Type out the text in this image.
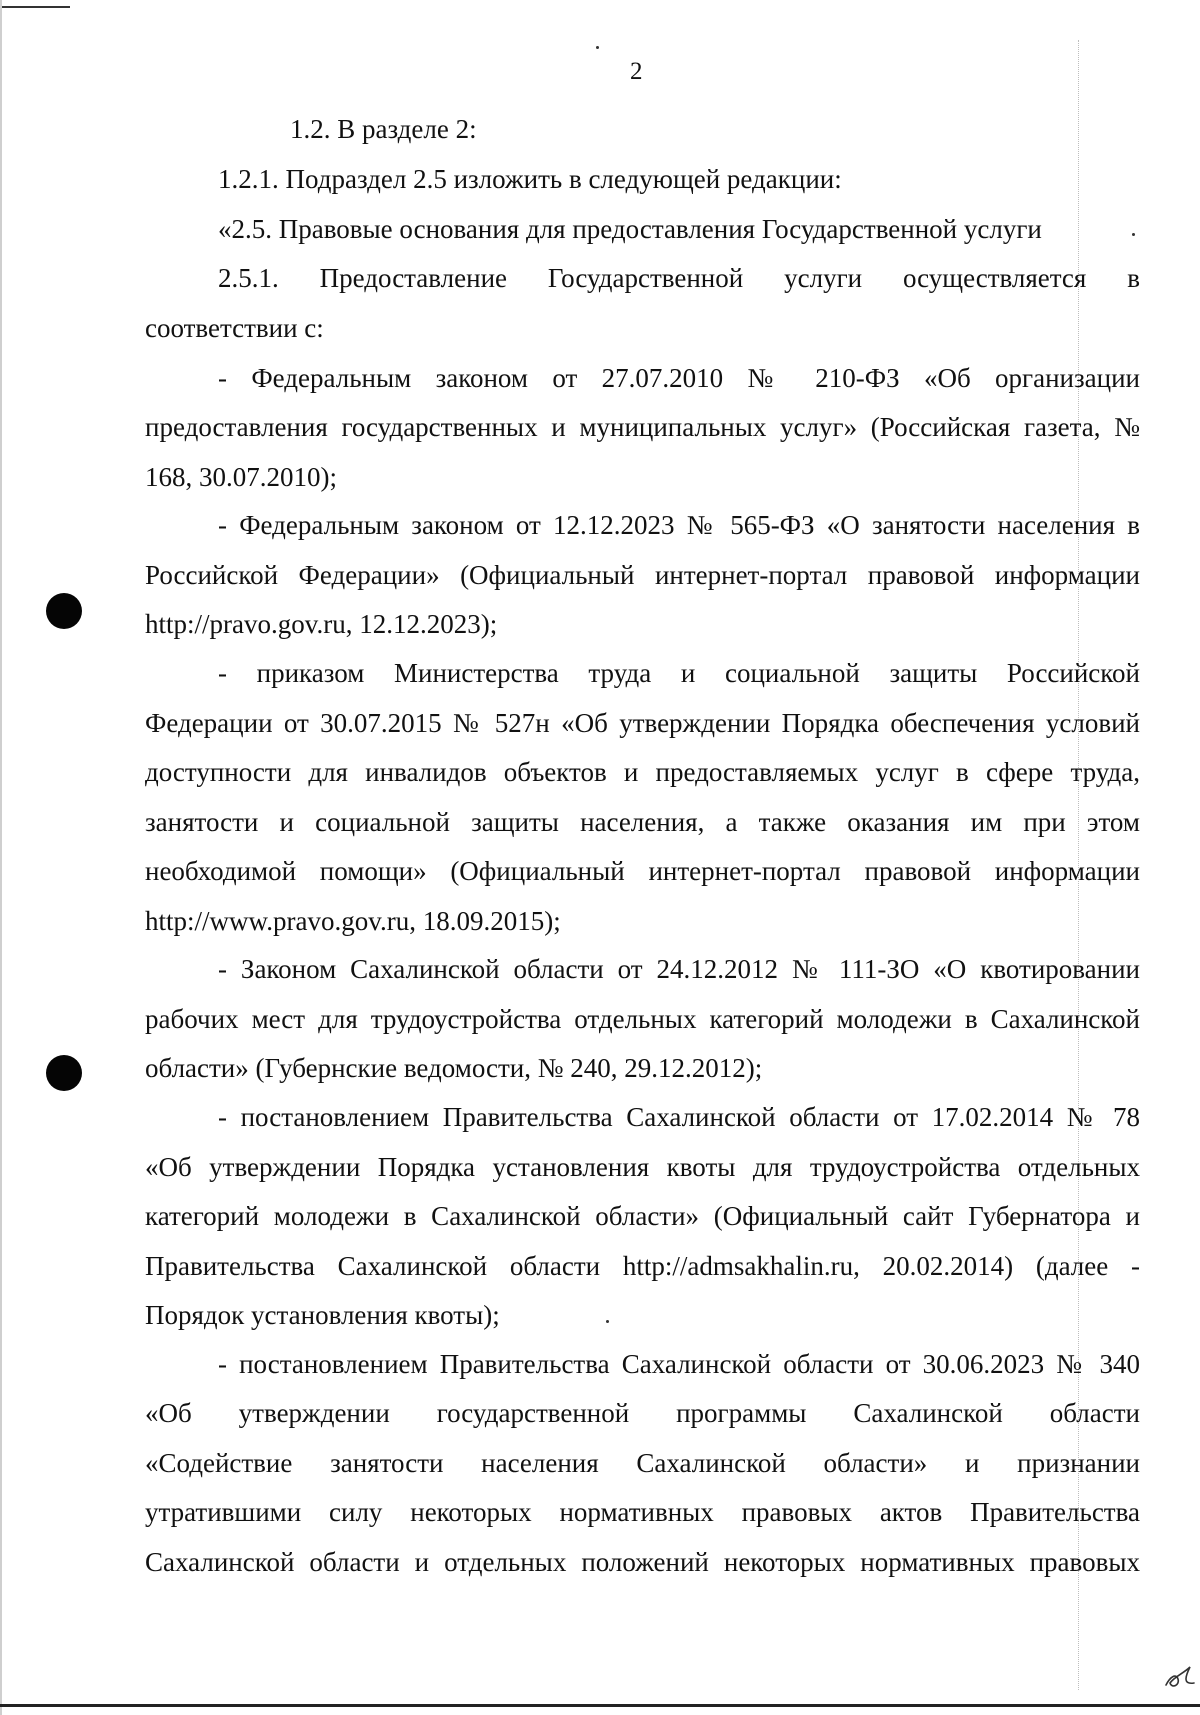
2
1.2. В разделе 2:
1.2.1. Подраздел 2.5 изложить в следующей редакции:
«2.5. Правовые основания для предоставления Государственной услуги
2.5.1. Предоставление Государственной услуги осуществляется в
соответствии с:
- Федеральным законом от 27.07.2010 № 210-ФЗ «Об организации
предоставления государственных и муниципальных услуг» (Российская газета, №
168, 30.07.2010);
- Федеральным законом от 12.12.2023 № 565-ФЗ «О занятости населения в
Российской Федерации» (Официальный интернет-портал правовой информации
http://pravo.gov.ru, 12.12.2023);
- приказом Министерства труда и социальной защиты Российской
Федерации от 30.07.2015 № 527н «Об утверждении Порядка обеспечения условий
доступности для инвалидов объектов и предоставляемых услуг в сфере труда,
занятости и социальной защиты населения, а также оказания им при этом
необходимой помощи» (Официальный интернет-портал правовой информации
http://www.pravo.gov.ru, 18.09.2015);
- Законом Сахалинской области от 24.12.2012 № 111-ЗО «О квотировании
рабочих мест для трудоустройства отдельных категорий молодежи в Сахалинской
области» (Губернские ведомости, № 240, 29.12.2012);
- постановлением Правительства Сахалинской области от 17.02.2014 № 78
«Об утверждении Порядка установления квоты для трудоустройства отдельных
категорий молодежи в Сахалинской области» (Официальный сайт Губернатора и
Правительства Сахалинской области http://admsakhalin.ru, 20.02.2014) (далее -
Порядок установления квоты);
- постановлением Правительства Сахалинской области от 30.06.2023 № 340
«Об утверждении государственной программы Сахалинской области
«Содействие занятости населения Сахалинской области» и признании
утратившими силу некоторых нормативных правовых актов Правительства
Сахалинской области и отдельных положений некоторых нормативных правовых
